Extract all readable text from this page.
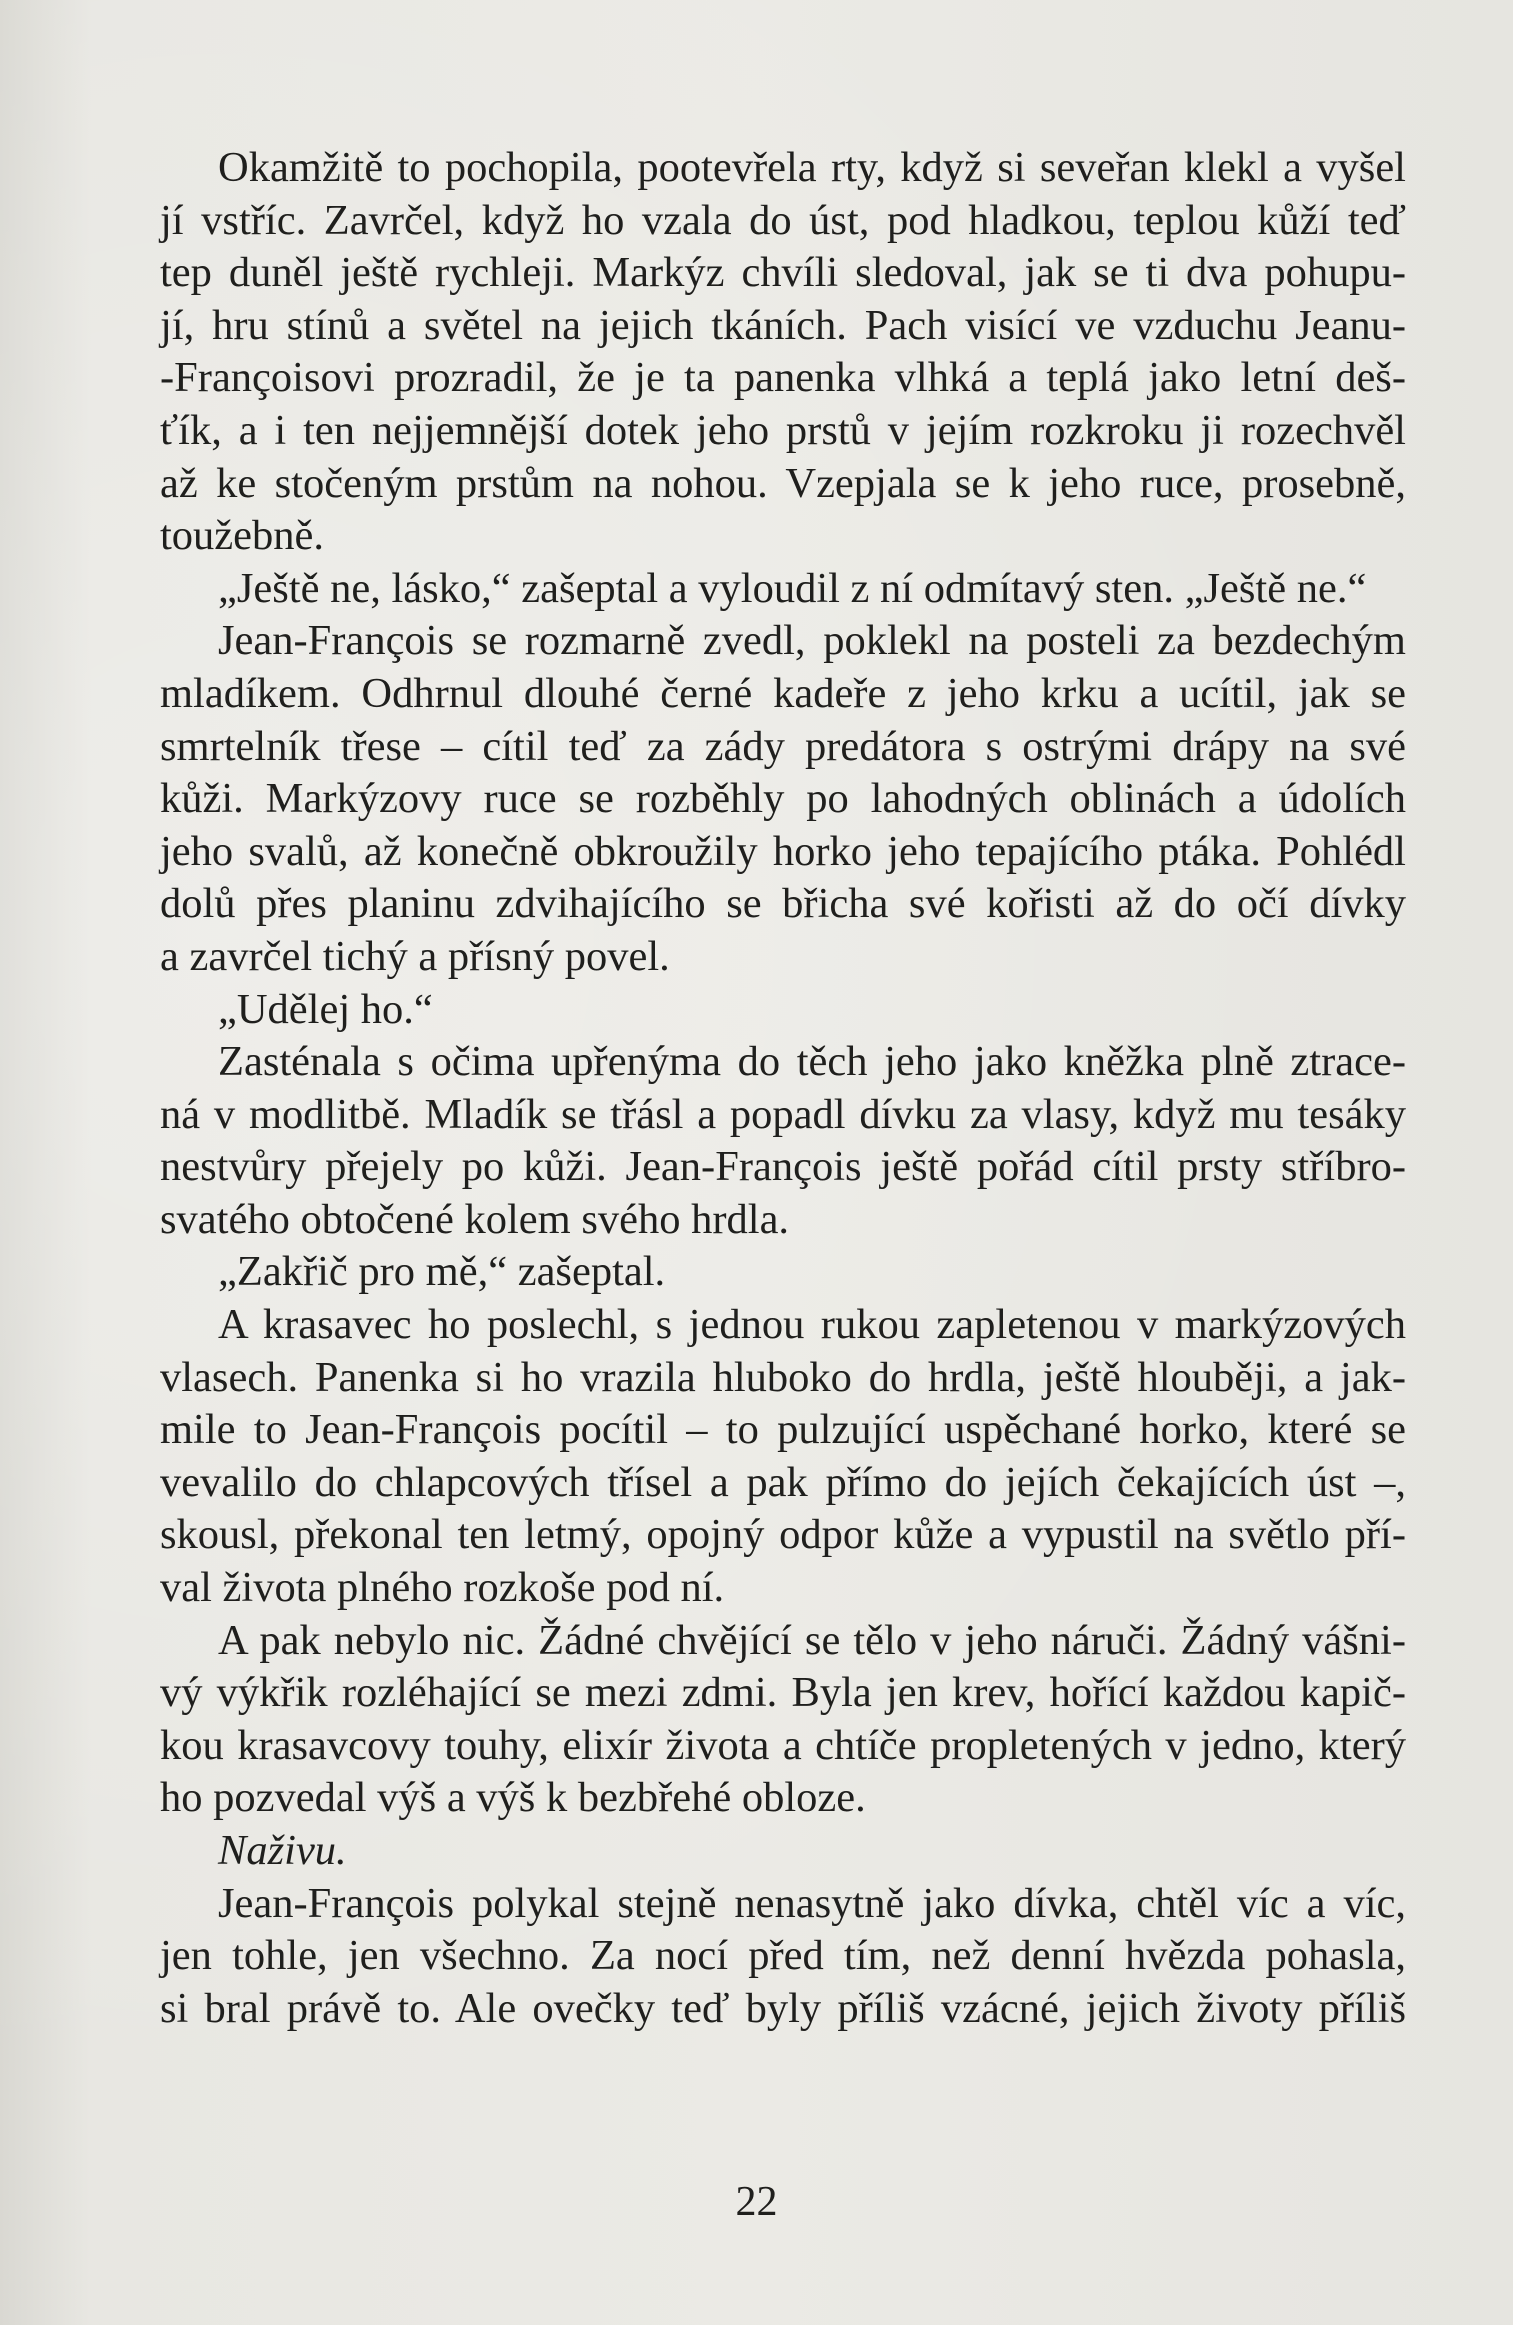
Okamžitě to pochopila, pootevřela rty, když si seveřan klekl a vyšel
jí vstříc. Zavrčel, když ho vzala do úst, pod hladkou, teplou kůží teď
tep duněl ještě rychleji. Markýz chvíli sledoval, jak se ti dva pohupu-
jí, hru stínů a světel na jejich tkáních. Pach visící ve vzduchu Jeanu-
-Françoisovi prozradil, že je ta panenka vlhká a teplá jako letní deš-
ťík, a i ten nejjemnější dotek jeho prstů v jejím rozkroku ji rozechvěl
až ke stočeným prstům na nohou. Vzepjala se k jeho ruce, prosebně,
toužebně.

„Ještě ne, lásko,“ zašeptal a vyloudil z ní odmítavý sten. „Ještě ne.“

Jean-François se rozmarně zvedl, poklekl na posteli za bezdechým
mladíkem. Odhrnul dlouhé černé kadeře z jeho krku a ucítil, jak se
smrtelník třese – cítil teď za zády predátora s ostrými drápy na své
kůži. Markýzovy ruce se rozběhly po lahodných oblinách a údolích
jeho svalů, až konečně obkroužily horko jeho tepajícího ptáka. Pohlédl
dolů přes planinu zdvihajícího se břicha své kořisti až do očí dívky
a zavrčel tichý a přísný povel.

„Udělej ho.“

Zasténala s očima upřenýma do těch jeho jako kněžka plně ztrace-
ná v modlitbě. Mladík se třásl a popadl dívku za vlasy, když mu tesáky
nestvůry přejely po kůži. Jean-François ještě pořád cítil prsty stříbro-
svatého obtočené kolem svého hrdla.

„Zakřič pro mě,“ zašeptal.

A krasavec ho poslechl, s jednou rukou zapletenou v markýzových
vlasech. Panenka si ho vrazila hluboko do hrdla, ještě hlouběji, a jak-
mile to Jean-François pocítil – to pulzující uspěchané horko, které se
vevalilo do chlapcových třísel a pak přímo do jejích čekajících úst –,
skousl, překonal ten letmý, opojný odpor kůže a vypustil na světlo pří-
val života plného rozkoše pod ní.

A pak nebylo nic. Žádné chvějící se tělo v jeho náruči. Žádný vášni-
vý výkřik rozléhající se mezi zdmi. Byla jen krev, hořící každou kapič-
kou krasavcovy touhy, elixír života a chtíče propletených v jedno, který
ho pozvedal výš a výš k bezbřehé obloze.

Naživu.

Jean-François polykal stejně nenasytně jako dívka, chtěl víc a víc,
jen tohle, jen všechno. Za nocí před tím, než denní hvězda pohasla,
si bral právě to. Ale ovečky teď byly příliš vzácné, jejich životy příliš

22
